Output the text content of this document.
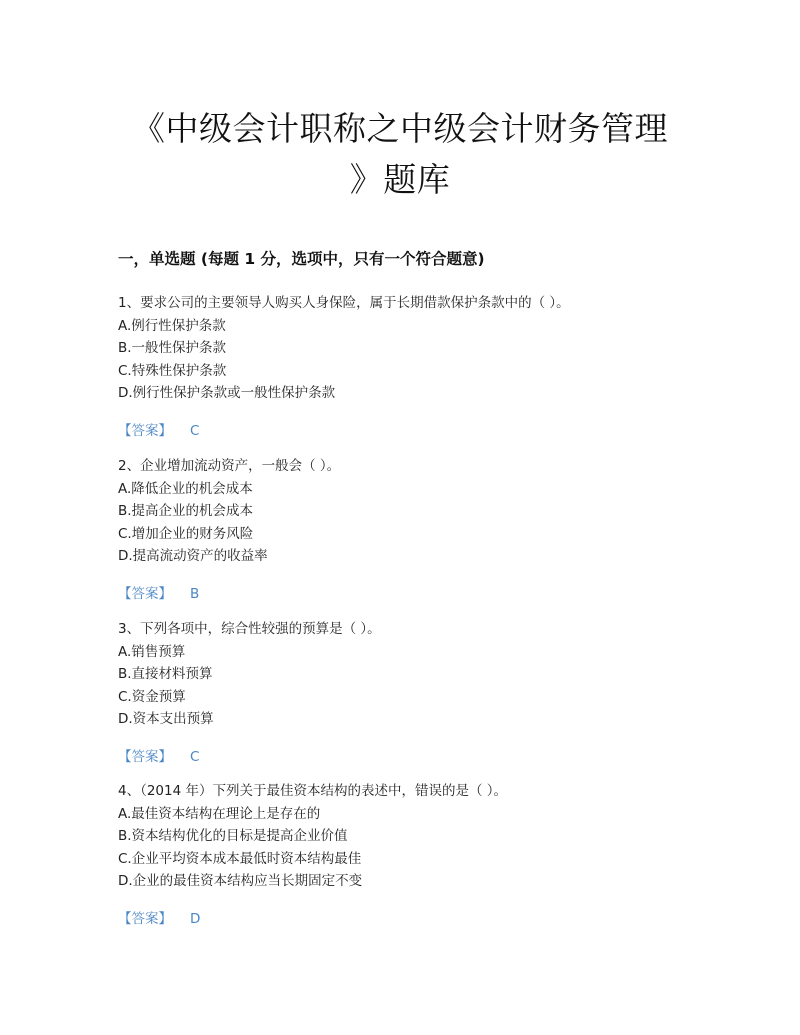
《中级会计职称之中级会计财务管理
》题库
一，单选题 (每题 1 分，选项中，只有一个符合题意)
1、要求公司的主要领导人购买人身保险，属于长期借款保护条款中的（ ）。
A.例行性保护条款
B.一般性保护条款
C.特殊性保护条款
D.例行性保护条款或一般性保护条款
【答案】 C
2、企业增加流动资产，一般会（ ）。
A.降低企业的机会成本
B.提高企业的机会成本
C.增加企业的财务风险
D.提高流动资产的收益率
【答案】 B
3、下列各项中，综合性较强的预算是（ ）。
A.销售预算
B.直接材料预算
C.资金预算
D.资本支出预算
【答案】 C
4、（2014 年）下列关于最佳资本结构的表述中，错误的是（ ）。
A.最佳资本结构在理论上是存在的
B.资本结构优化的目标是提高企业价值
C.企业平均资本成本最低时资本结构最佳
D.企业的最佳资本结构应当长期固定不变
【答案】 D
